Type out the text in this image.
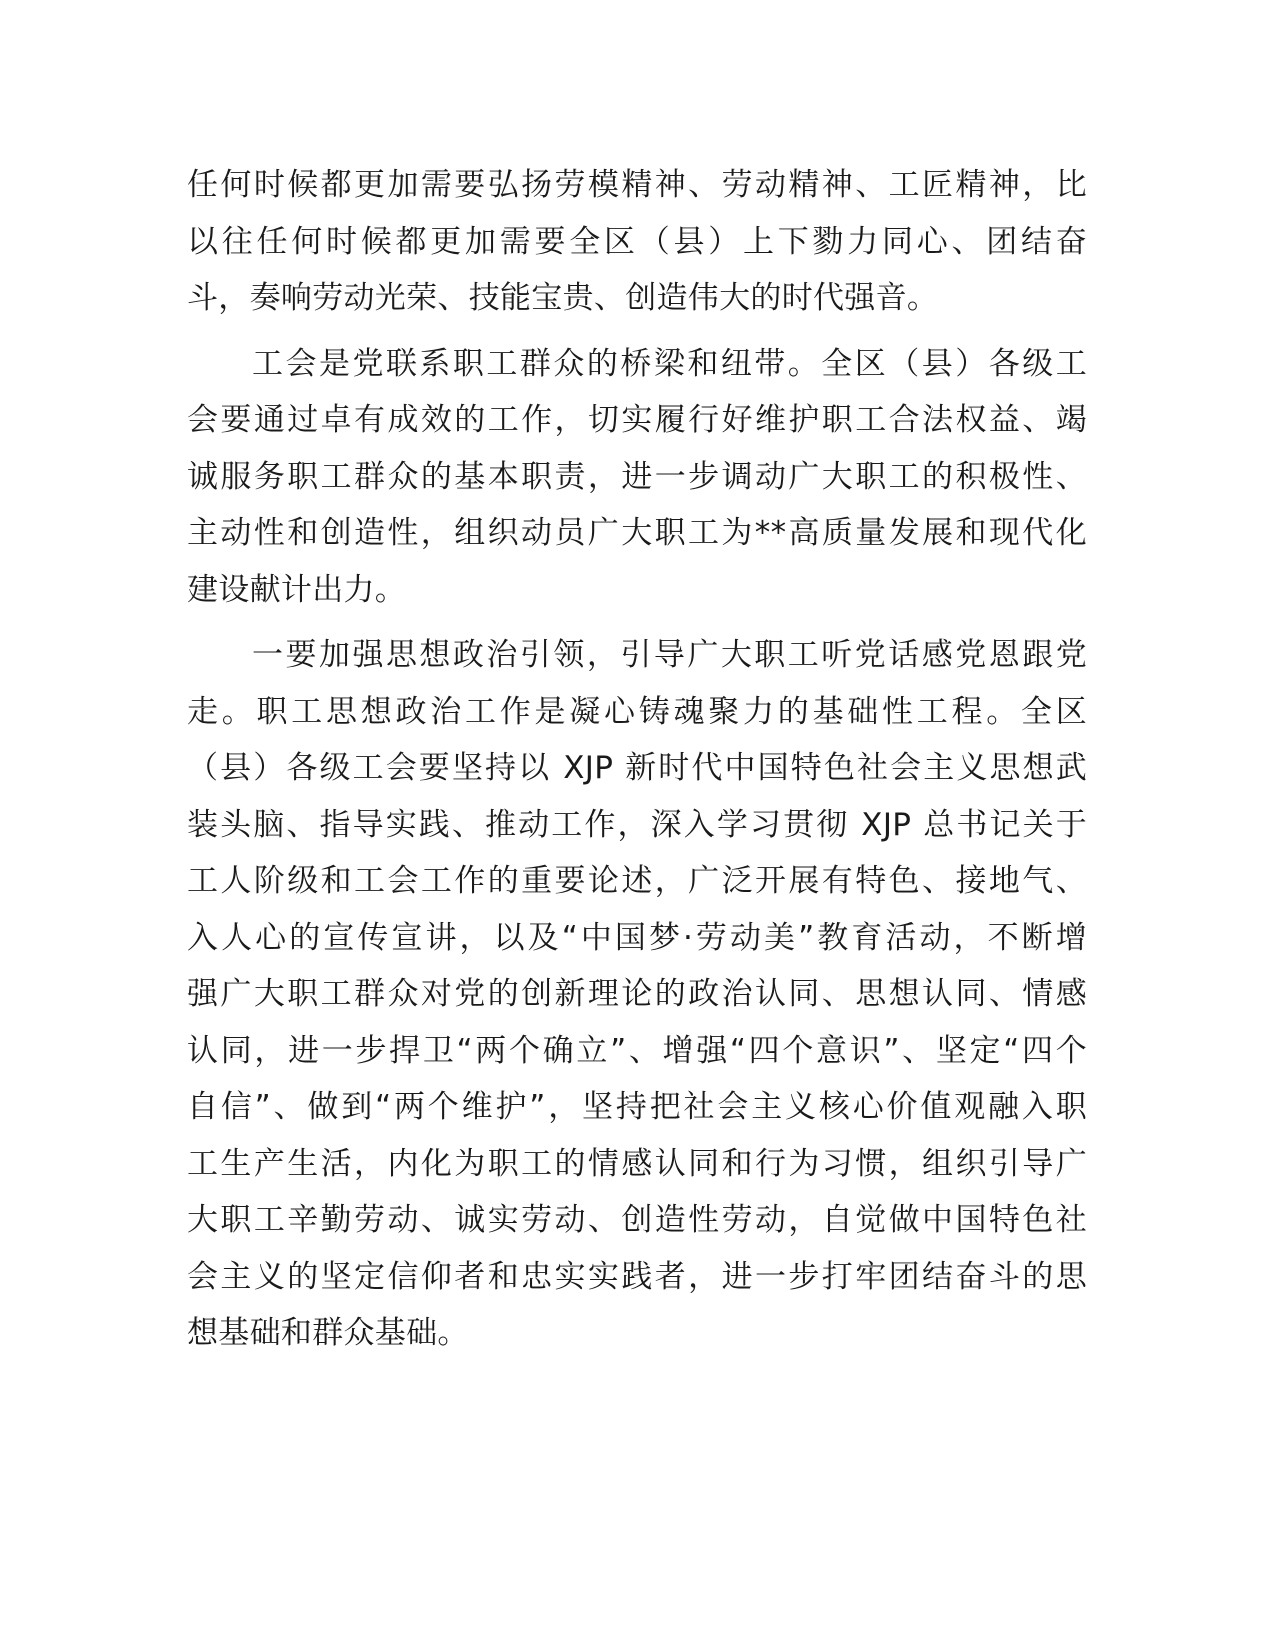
任何时候都更加需要弘扬劳模精神、劳动精神、工匠精神，比
以往任何时候都更加需要全区（县）上下勠力同心、团结奋
斗，奏响劳动光荣、技能宝贵、创造伟大的时代强音。
工会是党联系职工群众的桥梁和纽带。全区（县）各级工
会要通过卓有成效的工作，切实履行好维护职工合法权益、竭
诚服务职工群众的基本职责，进一步调动广大职工的积极性、
主动性和创造性，组织动员广大职工为**高质量发展和现代化
建设献计出力。
一要加强思想政治引领，引导广大职工听党话感党恩跟党
走。职工思想政治工作是凝心铸魂聚力的基础性工程。全区
（县）各级工会要坚持以 XJP 新时代中国特色社会主义思想武
装头脑、指导实践、推动工作，深入学习贯彻 XJP 总书记关于
工人阶级和工会工作的重要论述，广泛开展有特色、接地气、
入人心的宣传宣讲，以及“中国梦·劳动美”教育活动，不断增
强广大职工群众对党的创新理论的政治认同、思想认同、情感
认同，进一步捍卫“两个确立”、增强“四个意识”、坚定“四个
自信”、做到“两个维护”，坚持把社会主义核心价值观融入职
工生产生活，内化为职工的情感认同和行为习惯，组织引导广
大职工辛勤劳动、诚实劳动、创造性劳动，自觉做中国特色社
会主义的坚定信仰者和忠实实践者，进一步打牢团结奋斗的思
想基础和群众基础。
